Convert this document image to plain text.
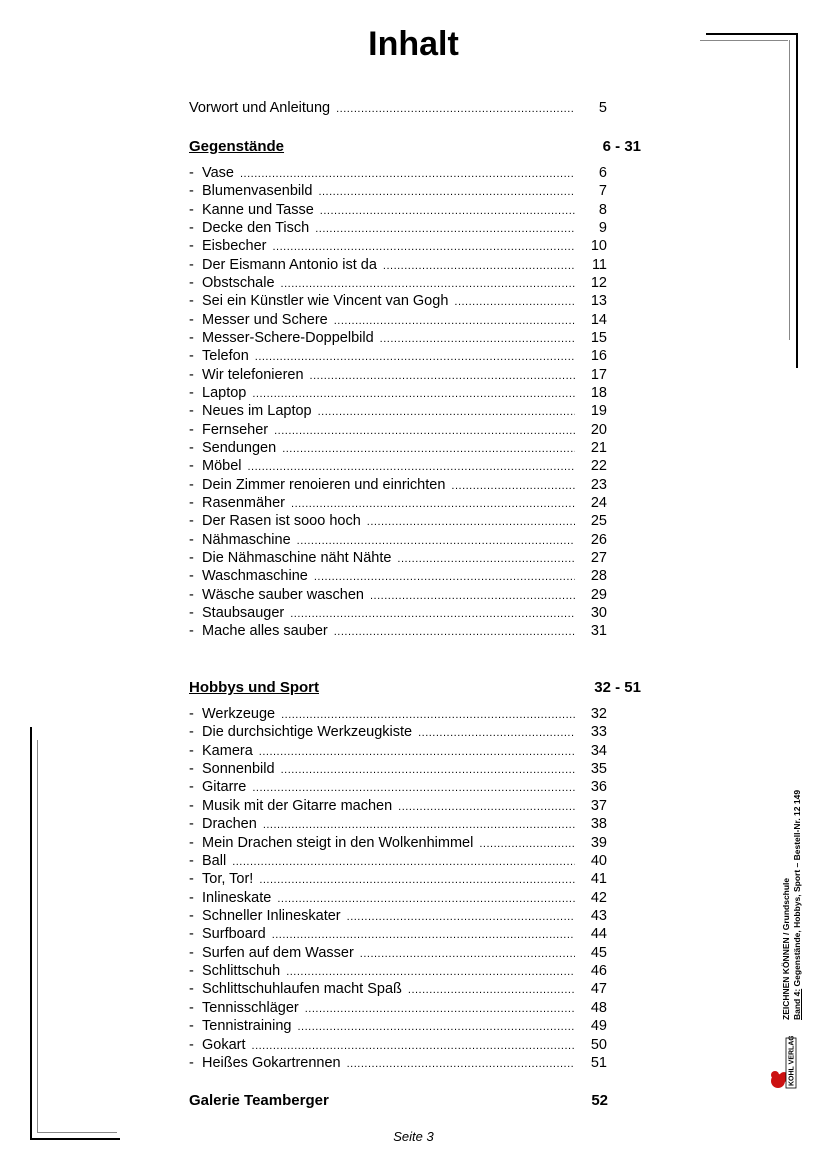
Inhalt
Vorwort und Anleitung .....	5
Gegenstände	6 - 31
- Vase .....	6
- Blumenvasenbild .....	7
- Kanne und Tasse .....	8
- Decke den Tisch .....	9
- Eisbecher .....	10
- Der Eismann Antonio ist da .....	11
- Obstschale .....	12
- Sei ein Künstler wie Vincent van Gogh .....	13
- Messer und Schere .....	14
- Messer-Schere-Doppelbild .....	15
- Telefon .....	16
- Wir telefonieren .....	17
- Laptop .....	18
- Neues im Laptop .....	19
- Fernseher .....	20
- Sendungen .....	21
- Möbel .....	22
- Dein Zimmer renoieren und einrichten .....	23
- Rasenmäher .....	24
- Der Rasen ist sooo hoch .....	25
- Nähmaschine .....	26
- Die Nähmaschine näht Nähte .....	27
- Waschmaschine .....	28
- Wäsche sauber waschen .....	29
- Staubsauger .....	30
- Mache alles sauber .....	31
Hobbys und Sport	32 - 51
- Werkzeuge .....	32
- Die durchsichtige Werkzeugkiste .....	33
- Kamera .....	34
- Sonnenbild .....	35
- Gitarre .....	36
- Musik mit der Gitarre machen .....	37
- Drachen .....	38
- Mein Drachen steigt in den Wolkenhimmel .....	39
- Ball .....	40
- Tor, Tor! .....	41
- Inlineskate .....	42
- Schneller Inlineskater .....	43
- Surfboard .....	44
- Surfen auf dem Wasser .....	45
- Schlittschuh .....	46
- Schlittschuhlaufen macht Spaß .....	47
- Tennisschläger .....	48
- Tennistraining .....	49
- Gokart .....	50
- Heißes Gokartrennen .....	51
Galerie Teamberger	52
Seite 3
ZEICHNEN KÖNNEN / Grundschule Band 4: Gegenstände, Hobbys, Sport – Bestell-Nr. 12 149
KOHL VERLAG
